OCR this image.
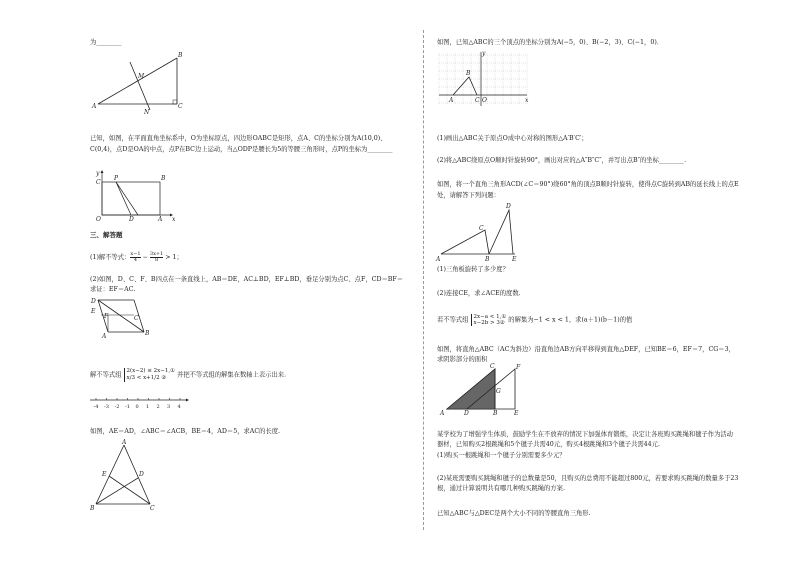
为________
B
M
A
N
C
已知，如图，在平面直角坐标系中，O为坐标原点，四边形OABC是矩形，点A、C的坐标分别为A(10,0)、
C(0,4)，点D是OA的中点，点P在BC边上运动，当△ODP是腰长为5的等腰三角形时，点P的坐标为________
y
C
P	B
O	D	A x
三、解答题
(1)解不等式： $\frac{x-1}{4} - \frac{3x+1}{8} > 1$；
(2)如图，D、C、F、B四点在一条直线上，AB＝DE，AC⊥BD，EF⊥BD，垂足分别为点C、点F，CD＝BF＝
求证：EF＝AC.
D
E
F	C
A	B
解不等式组
2(x−2) ≤ 2x−1,①
x/3 < x+1/2 ②	并把不等式组的解集在数轴上表示出来.
-4 -3 -2 -1 0 1 2 3 4
如图，AE＝AD，∠ABC＝∠ACB，BE＝4，AD＝5，求AC的长度.
A
E	D
B	C
如图，已知△ABC的三个顶点的坐标分别为A(−5，0)、B(−2，3)、C(−1，0)．
y
x
A
B
C O
(1)画出△ABC关于原点O成中心对称的图形△A′B′C′；
(2)将△ABC绕原点O顺时针旋转90°，画出对应的△A″B″C″，并写出点B″的坐标________.
如图，将一个直角三角形ACD(∠C＝90°)绕60°角的顶点B顺时针旋转，使得点C旋转到AB的延长线上的点E
处，请解答下列问题：
D
C
A	B	E
(1)三角板旋转了多少度？
(2)连接CE，求∠ACE的度数.
若不等式组 2x−a < 1,①
x−2b > 3② 的解集为−1 < x < 1，求(a＋1)(b－1)的值
如图，将直角△ABC（AC为斜边）沿直角边AB方向平移得到直角△DEF，已知BE＝6，EF＝7，CG＝3，
求阴影部分的面积
C	F
G
A	D	B	E
某学校为了增强学生体质，鼓励学生在不放弃的情况下加强体育锻炼，决定让各班购买跳绳和毽子作为活动
器材，已知购买2根跳绳和5个毽子共需40元，购买4根跳绳和3个毽子共需44元.
(1)购买一根跳绳和一个毽子分别需要多少元？
(2)某班需要购买跳绳和毽子的总数量是50，且购买的总费用不能超过800元，若要求购买跳绳的数量多于23
根，通过计算说明共有哪几种购买跳绳的方案.
已知△ABC与△DEC是两个大小不同的等腰直角三角形.
